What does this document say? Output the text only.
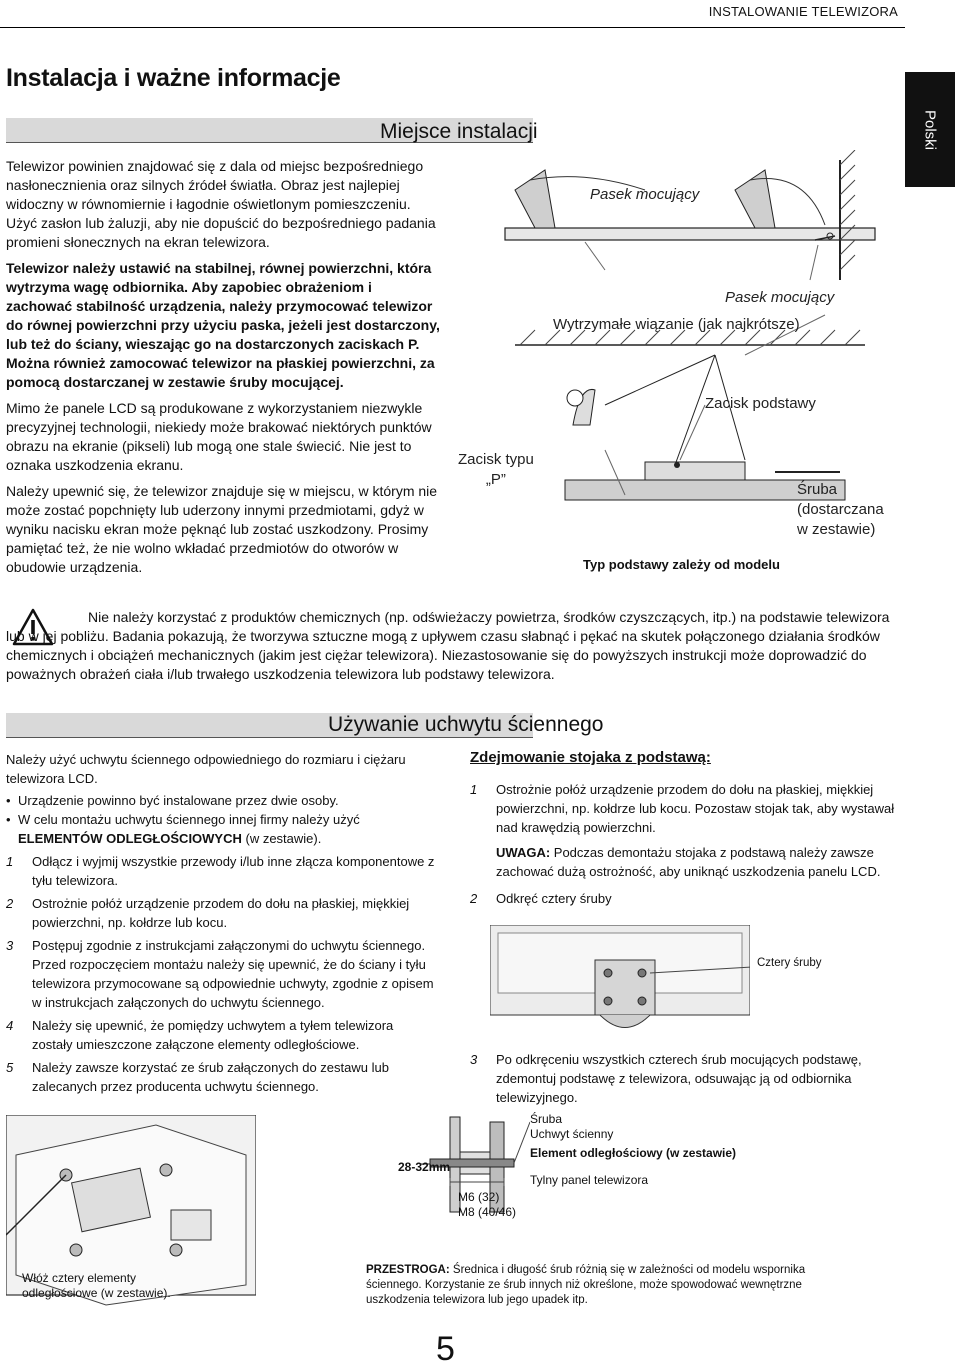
INSTALOWANIE TELEWIZORA
Instalacja i ważne informacje
Polski
Miejsce instalacji

Telewizor powinien znajdować się z dala od miejsc bezpośredniego nasłonecznienia oraz silnych źródeł światła. Obraz jest najlepiej widoczny w równomiernie i łagodnie oświetlonym pomieszczeniu. Użyć zasłon lub żaluzji, aby nie dopuścić do bezpośredniego padania promieni słonecznych na ekran telewizora.

Telewizor należy ustawić na stabilnej, równej powierzchni, która wytrzyma wagę odbiornika. Aby zapobiec obrażeniom i zachować stabilność urządzenia, należy przymocować telewizor do równej powierzchni przy użyciu paska, jeżeli jest dostarczony, lub też do ściany, wieszając go na dostarczonych zaciskach P. Można również zamocować telewizor na płaskiej powierzchni, za pomocą dostarczanej w zestawie śruby mocującej.

Mimo że panele LCD są produkowane z wykorzystaniem niezwykle precyzyjnej technologii, niekiedy może brakować niektórych punktów obrazu na ekranie (pikseli) lub mogą one stale świecić. Nie jest to oznaka uszkodzenia ekranu.

Należy upewnić się, że telewizor znajduje się w miejscu, w którym nie może zostać popchnięty lub uderzony innymi przedmiotami, gdyż w wyniku nacisku ekran może pęknąć lub zostać uszkodzony. Prosimy pamiętać też, że nie wolno wkładać przedmiotów do otworów w obudowie urządzenia.

Pasek mocujący
Pasek mocujący
Wytrzymałe wiązanie (jak najkrótsze)
Zacisk podstawy
Zacisk typu
„P”
Śruba
(dostarczana
w zestawie)
Typ podstawy zależy od modelu

Nie należy korzystać z produktów chemicznych (np. odświeżaczy powietrza, środków czyszczących, itp.) na podstawie telewizora lub w jej pobliżu. Badania pokazują, że tworzywa sztuczne mogą z upływem czasu słabnąć i pękać na skutek połączonego działania środków chemicznych i obciążeń mechanicznych (jakim jest ciężar telewizora). Niezastosowanie się do powyższych instrukcji może doprowadzić do poważnych obrażeń ciała i/lub trwałego uszkodzenia telewizora lub podstawy telewizora.

Używanie uchwytu ściennego

Należy użyć uchwytu ściennego odpowiedniego do rozmiaru i ciężaru telewizora LCD.

• Urządzenie powinno być instalowane przez dwie osoby.
• W celu montażu uchwytu ściennego innej firmy należy użyć ELEMENTÓW ODLEGŁOŚCIOWYCH (w zestawie).
1 Odłącz i wyjmij wszystkie przewody i/lub inne złącza komponentowe z tyłu telewizora.
2 Ostrożnie połóż urządzenie przodem do dołu na płaskiej, miękkiej powierzchni, np. kołdrze lub kocu.
3 Postępuj zgodnie z instrukcjami załączonymi do uchwytu ściennego. Przed rozpoczęciem montażu należy się upewnić, że do ściany i tyłu telewizora przymocowane są odpowiednie uchwyty, zgodnie z opisem w instrukcjach załączonych do uchwytu ściennego.
4 Należy się upewnić, że pomiędzy uchwytem a tyłem telewizora zostały umieszczone załączone elementy odległościowe.
5 Należy zawsze korzystać ze śrub załączonych do zestawu lub zalecanych przez producenta uchwytu ściennego.
Zdejmowanie stojaka z podstawą:
1 Ostrożnie połóż urządzenie przodem do dołu na płaskiej, miękkiej powierzchni, np. kołdrze lub kocu. Pozostaw stojak tak, aby wystawał nad krawędzią powierzchni.

UWAGA: Podczas demontażu stojaka z podstawą należy zawsze zachować dużą ostrożność, aby uniknąć uszkodzenia panelu LCD.

2 Odkręć cztery śruby
Cztery śruby
3 Po odkręceniu wszystkich czterech śrub mocujących podstawę, zdemontuj podstawę z telewizora, odsuwając ją od odbiornika telewizyjnego.
Włóż cztery elementy
odległościowe (w zestawie).
Śruba
Uchwyt ścienny
Element odległościowy (w zestawie)
Tylny panel telewizora
28-32mm
M6 (32)
M8 (40/46)

PRZESTROGA: Średnica i długość śrub różnią się w zależności od modelu wspornika ściennego. Korzystanie ze śrub innych niż określone, może spowodować wewnętrzne uszkodzenia telewizora lub jego upadek itp.

5
